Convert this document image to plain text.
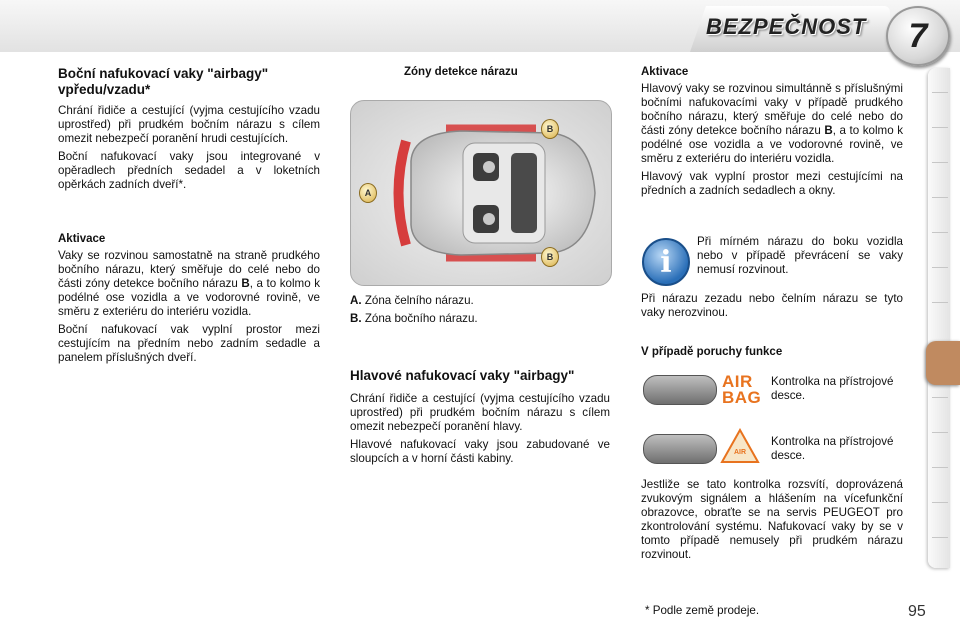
BEZPEČNOST 7
Boční nafukovací vaky "airbagy" vpředu/vzadu*

Chrání řidiče a cestující (vyjma cestujícího vzadu uprostřed) při prudkém bočním nárazu s cílem omezit nebezpečí poranění hrudi cestujících.

Boční nafukovací vaky jsou integrované v opěradlech předních sedadel a v loketních opěrkách zadních dveří*.

Aktivace

Vaky se rozvinou samostatně na straně prudkého bočního nárazu, který směřuje do celé nebo do části zóny detekce bočního nárazu B, a to kolmo k podélné ose vozidla a ve vodorovné rovině, ve směru z exteriéru do interiéru vozidla.

Boční nafukovací vak vyplní prostor mezi cestujícím na předním nebo zadním sedadle a panelem příslušných dveří.

Zóny detekce nárazu
A
B
B

A. Zóna čelního nárazu.

B. Zóna bočního nárazu.

Hlavové nafukovací vaky "airbagy"

Chrání řidiče a cestující (vyjma cestujícího vzadu uprostřed) při prudkém bočním nárazu s cílem omezit nebezpečí poranění hlavy.

Hlavové nafukovací vaky jsou zabudované ve sloupcích a v horní části kabiny.

Aktivace

Hlavový vaky se rozvinou simultánně s příslušnými bočními nafukovacími vaky v případě prudkého bočního nárazu, který směřuje do celé nebo do části zóny detekce bočního nárazu B, a to kolmo k podélné ose vozidla a ve vodorovné rovině, ve směru z exteriéru do interiéru vozidla.

Hlavový vak vyplní prostor mezi cestujícími na předních a zadních sedadlech a okny.

i

Při mírném nárazu do boku vozidla nebo v případě převrácení se vaky nemusí rozvinout.

Při nárazu zezadu nebo čelním nárazu se tyto vaky nerozvinou.

V případě poruchy funkce
AIR BAG
Kontrolka na přístrojové desce.
AIR
Kontrolka na přístrojové desce.

Jestliže se tato kontrolka rozsvítí, doprovázená zvukovým signálem a hlášením na vícefunkční obrazovce, obraťte se na servis PEUGEOT pro zkontrolování systému. Nafukovací vaky by se v tomto případě nemusely při prudkém nárazu rozvinout.

* Podle země prodeje.	95
